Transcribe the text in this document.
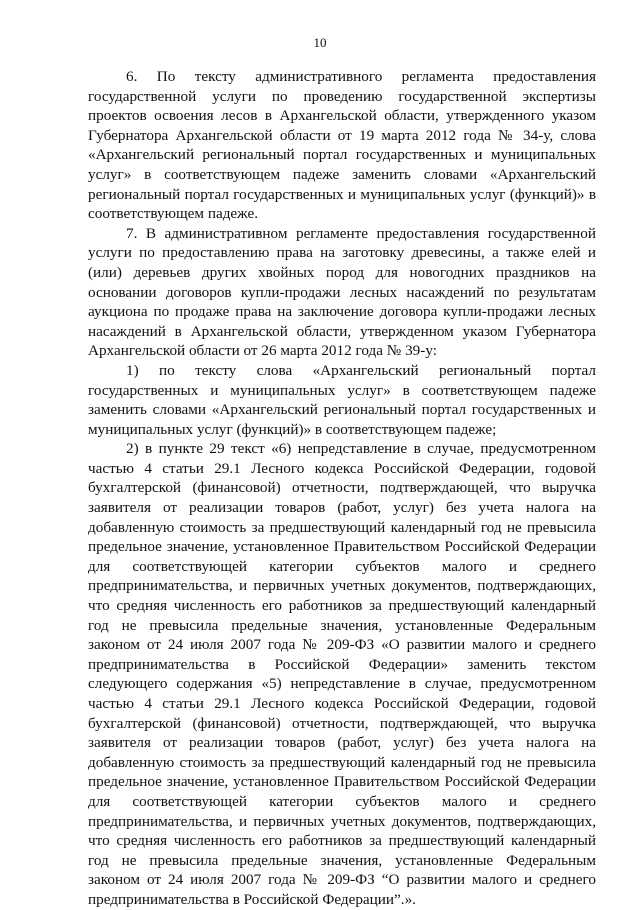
10

6. По тексту административного регламента предоставления государственной услуги по проведению государственной экспертизы проектов освоения лесов в Архангельской области, утвержденного указом Губернатора Архангельской области от 19 марта 2012 года № 34-у, слова «Архангельский региональный портал государственных и муниципальных услуг» в соответствующем падеже заменить словами «Архангельский региональный портал государственных и муниципальных услуг (функций)» в соответствующем падеже.

7. В административном регламенте предоставления государственной услуги по предоставлению права на заготовку древесины, а также елей и (или) деревьев других хвойных пород для новогодних праздников на основании договоров купли-продажи лесных насаждений по результатам аукциона по продаже права на заключение договора купли-продажи лесных насаждений в Архангельской области, утвержденном указом Губернатора Архангельской области от 26 марта 2012 года № 39-у:

1) по тексту слова «Архангельский региональный портал государственных и муниципальных услуг» в соответствующем падеже заменить словами «Архангельский региональный портал государственных и муниципальных услуг (функций)» в соответствующем падеже;

2) в пункте 29 текст «6) непредставление в случае, предусмотренном частью 4 статьи 29.1 Лесного кодекса Российской Федерации, годовой бухгалтерской (финансовой) отчетности, подтверждающей, что выручка заявителя от реализации товаров (работ, услуг) без учета налога на добавленную стоимость за предшествующий календарный год не превысила предельное значение, установленное Правительством Российской Федерации для соответствующей категории субъектов малого и среднего предпринимательства, и первичных учетных документов, подтверждающих, что средняя численность его работников за предшествующий календарный год не превысила предельные значения, установленные Федеральным законом от 24 июля 2007 года № 209-ФЗ «О развитии малого и среднего предпринимательства в Российской Федерации» заменить текстом следующего содержания «5) непредставление в случае, предусмотренном частью 4 статьи 29.1 Лесного кодекса Российской Федерации, годовой бухгалтерской (финансовой) отчетности, подтверждающей, что выручка заявителя от реализации товаров (работ, услуг) без учета налога на добавленную стоимость за предшествующий календарный год не превысила предельное значение, установленное Правительством Российской Федерации для соответствующей категории субъектов малого и среднего предпринимательства, и первичных учетных документов, подтверждающих, что средняя численность его работников за предшествующий календарный год не превысила предельные значения, установленные Федеральным законом от 24 июля 2007 года № 209-ФЗ “О развитии малого и среднего предпринимательства в Российской Федерации”.».
